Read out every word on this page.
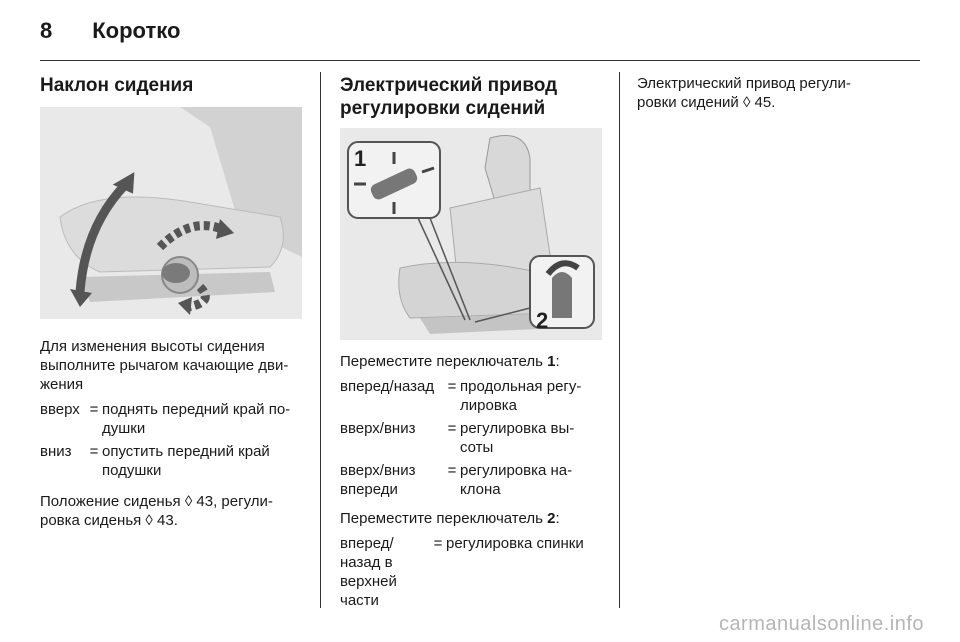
8 Коротко
Наклон сидения
Для изменения высоты сидения
выполните рычагом качающие дви-
жения
вверх = поднять передний край по-
душки
вниз	= опустить передний край
подушки
Положение сиденья ◊ 43, регули-
ровка сиденья ◊ 43.
Электрический привод
регулировки сидений
1
2
Переместите переключатель 1:
вперед/назад = продольная регу-
лировка
вверх/вниз	= регулировка вы-
соты
вверх/вниз
впереди
= регулировка на-
клона
Переместите переключатель 2:
вперед/
назад в
верхней
части
= регулировка спинки
Электрический привод регули-
ровки сидений ◊ 45.
carmanualsonline.info
